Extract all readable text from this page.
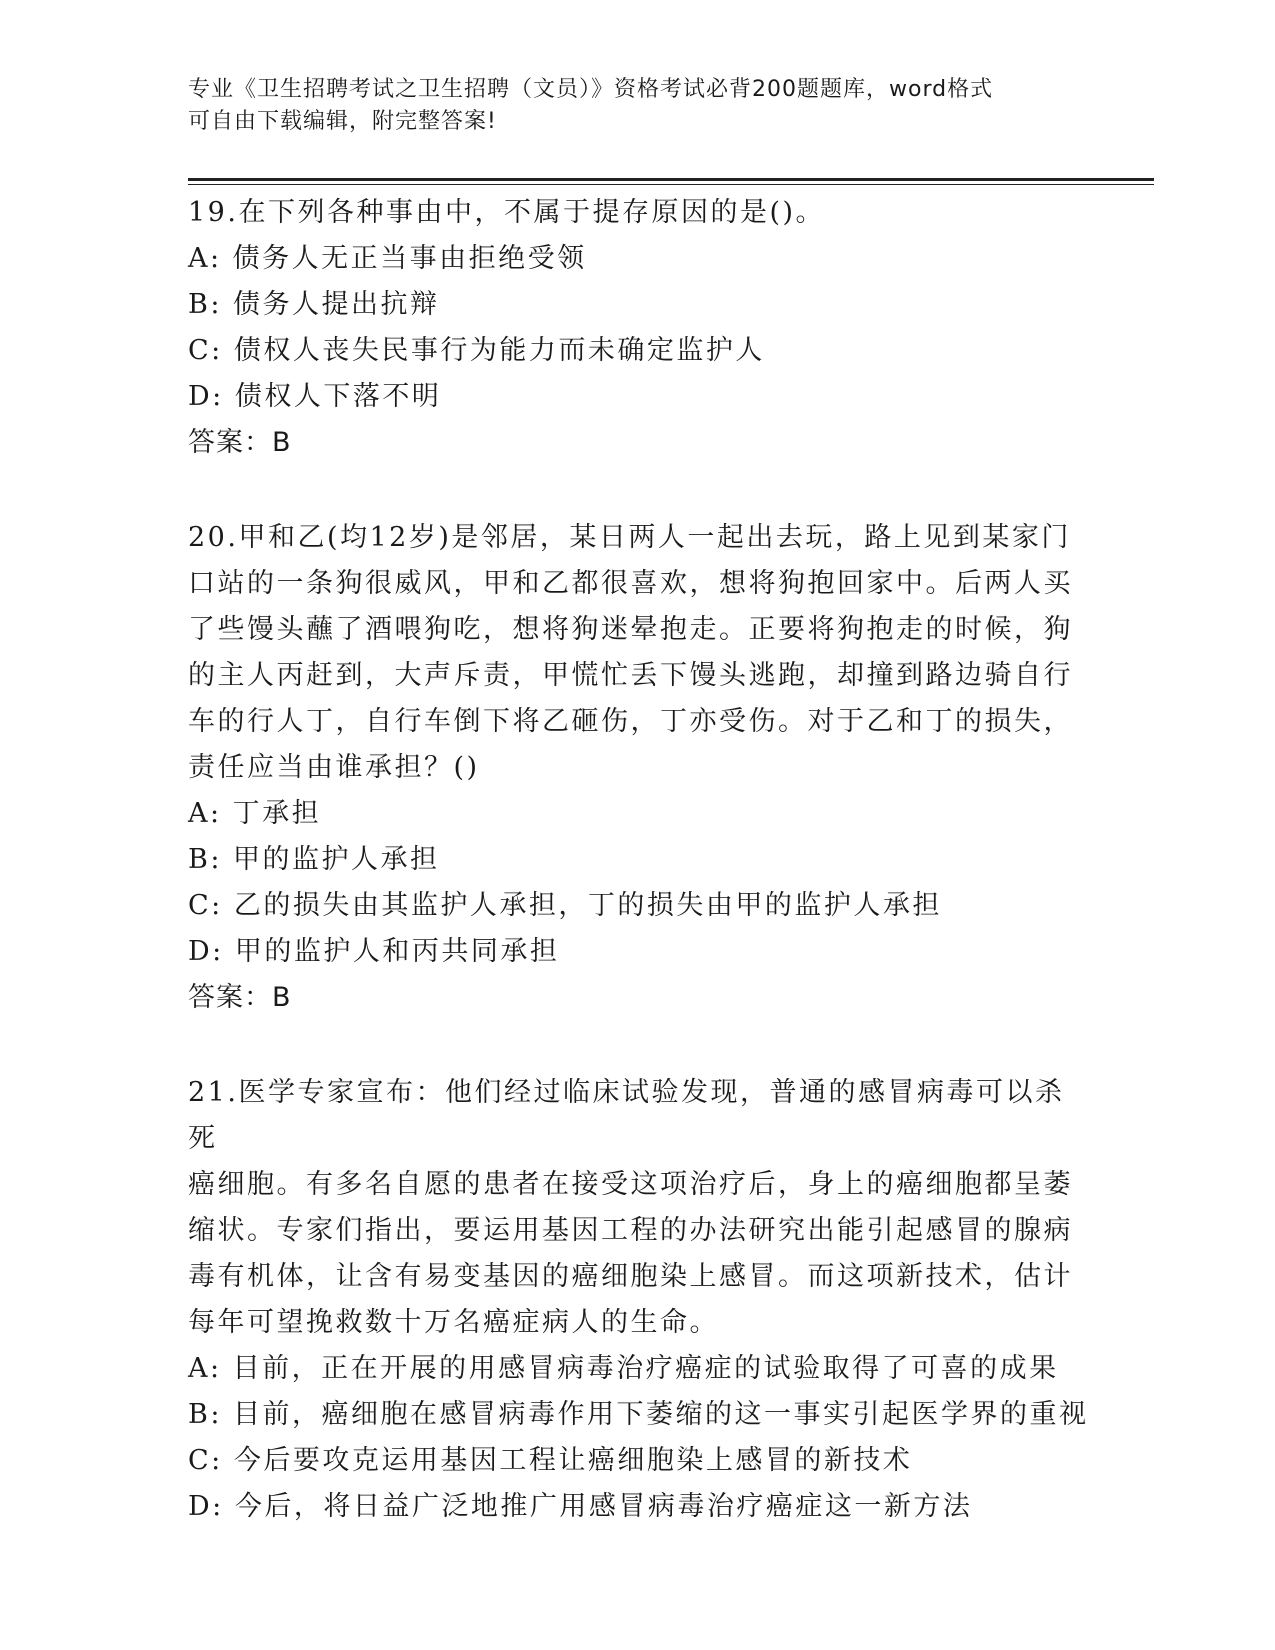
专业《卫生招聘考试之卫生招聘（文员）》资格考试必背200题题库，word格式
可自由下载编辑，附完整答案!

19.在下列各种事由中，不属于提存原因的是()。

A: 债务人无正当事由拒绝受领

B: 债务人提出抗辩

C: 债权人丧失民事行为能力而未确定监护人

D: 债权人下落不明

答案：B

20.甲和乙(均12岁)是邻居，某日两人一起出去玩，路上见到某家门

口站的一条狗很威风，甲和乙都很喜欢，想将狗抱回家中。后两人买

了些馒头蘸了酒喂狗吃，想将狗迷晕抱走。正要将狗抱走的时候，狗

的主人丙赶到，大声斥责，甲慌忙丢下馒头逃跑，却撞到路边骑自行

车的行人丁，自行车倒下将乙砸伤，丁亦受伤。对于乙和丁的损失，

责任应当由谁承担？()

A: 丁承担

B: 甲的监护人承担

C: 乙的损失由其监护人承担，丁的损失由甲的监护人承担

D: 甲的监护人和丙共同承担

答案：B

21.医学专家宣布：他们经过临床试验发现，普通的感冒病毒可以杀死

癌细胞。有多名自愿的患者在接受这项治疗后，身上的癌细胞都呈萎

缩状。专家们指出，要运用基因工程的办法研究出能引起感冒的腺病

毒有机体，让含有易变基因的癌细胞染上感冒。而这项新技术，估计

每年可望挽救数十万名癌症病人的生命。

A: 目前，正在开展的用感冒病毒治疗癌症的试验取得了可喜的成果

B: 目前，癌细胞在感冒病毒作用下萎缩的这一事实引起医学界的重视

C: 今后要攻克运用基因工程让癌细胞染上感冒的新技术

D: 今后，将日益广泛地推广用感冒病毒治疗癌症这一新方法
